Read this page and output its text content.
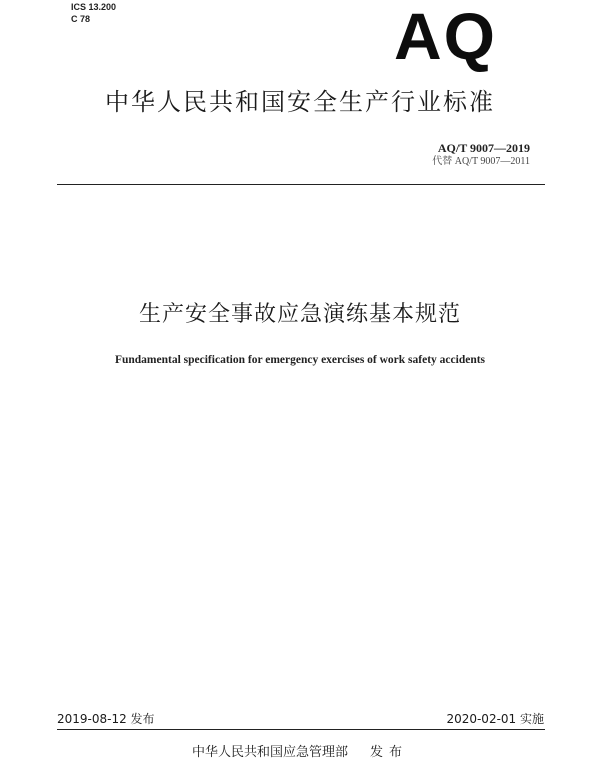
ICS 13.200
C 78	AQ
中华人民共和国安全生产行业标准
AQ/T 9007—2019
代替 AQ/T 9007—2011
生产安全事故应急演练基本规范
Fundamental specification for emergency exercises of work safety accidents
2019-08-12 发布	2020-02-01 实施
中华人民共和国应急管理部 发布
